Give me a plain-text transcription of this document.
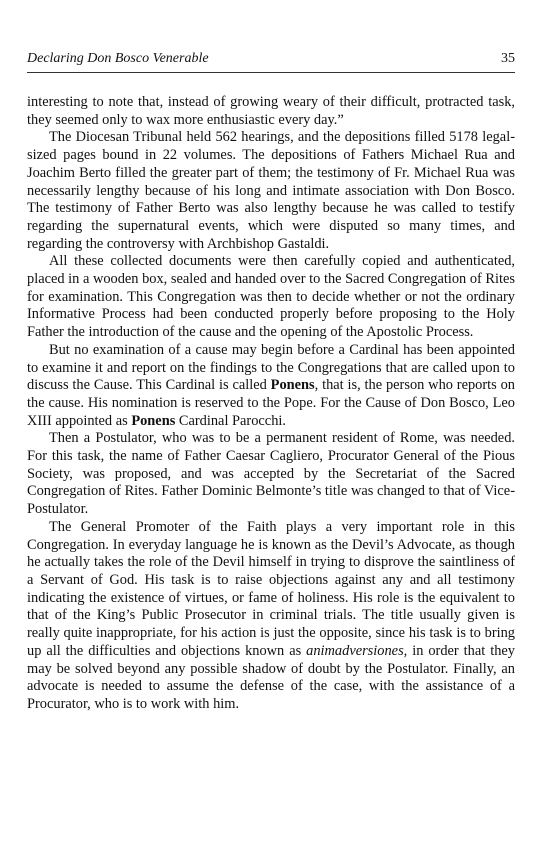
Declaring Don Bosco Venerable	35

interesting to note that, instead of growing weary of their difficult, protracted task, they seemed only to wax more enthusiastic every day.”

The Diocesan Tribunal held 562 hearings, and the depositions filled 5178 legal-sized pages bound in 22 volumes. The depositions of Fathers Michael Rua and Joachim Berto filled the greater part of them; the testimony of Fr. Michael Rua was necessarily lengthy because of his long and intimate association with Don Bosco. The testimony of Father Berto was also lengthy because he was called to testify regarding the supernatural events, which were disputed so many times, and regarding the controversy with Archbishop Gastaldi.

All these collected documents were then carefully copied and authenticated, placed in a wooden box, sealed and handed over to the Sacred Congregation of Rites for examination. This Congregation was then to decide whether or not the ordinary Informative Process had been conducted properly before proposing to the Holy Father the introduction of the cause and the opening of the Apostolic Process.

But no examination of a cause may begin before a Cardinal has been appointed to examine it and report on the findings to the Congregations that are called upon to discuss the Cause. This Cardinal is called Ponens, that is, the person who reports on the cause. His nomination is reserved to the Pope. For the Cause of Don Bosco, Leo XIII appointed as Ponens Cardinal Parocchi.

Then a Postulator, who was to be a permanent resident of Rome, was needed. For this task, the name of Father Caesar Cagliero, Procurator General of the Pious Society, was proposed, and was accepted by the Secretariat of the Sacred Congregation of Rites. Father Dominic Belmonte’s title was changed to that of Vice-Postulator.

The General Promoter of the Faith plays a very important role in this Congregation. In everyday language he is known as the Devil’s Advocate, as though he actually takes the role of the Devil himself in trying to disprove the saintliness of a Servant of God. His task is to raise objections against any and all testimony indicating the existence of virtues, or fame of holiness. His role is the equivalent to that of the King’s Public Prosecutor in criminal trials. The title usually given is really quite inappropriate, for his action is just the opposite, since his task is to bring up all the difficulties and objections known as animadversiones, in order that they may be solved beyond any possible shadow of doubt by the Postulator. Finally, an advocate is needed to assume the defense of the case, with the assistance of a Procurator, who is to work with him.
